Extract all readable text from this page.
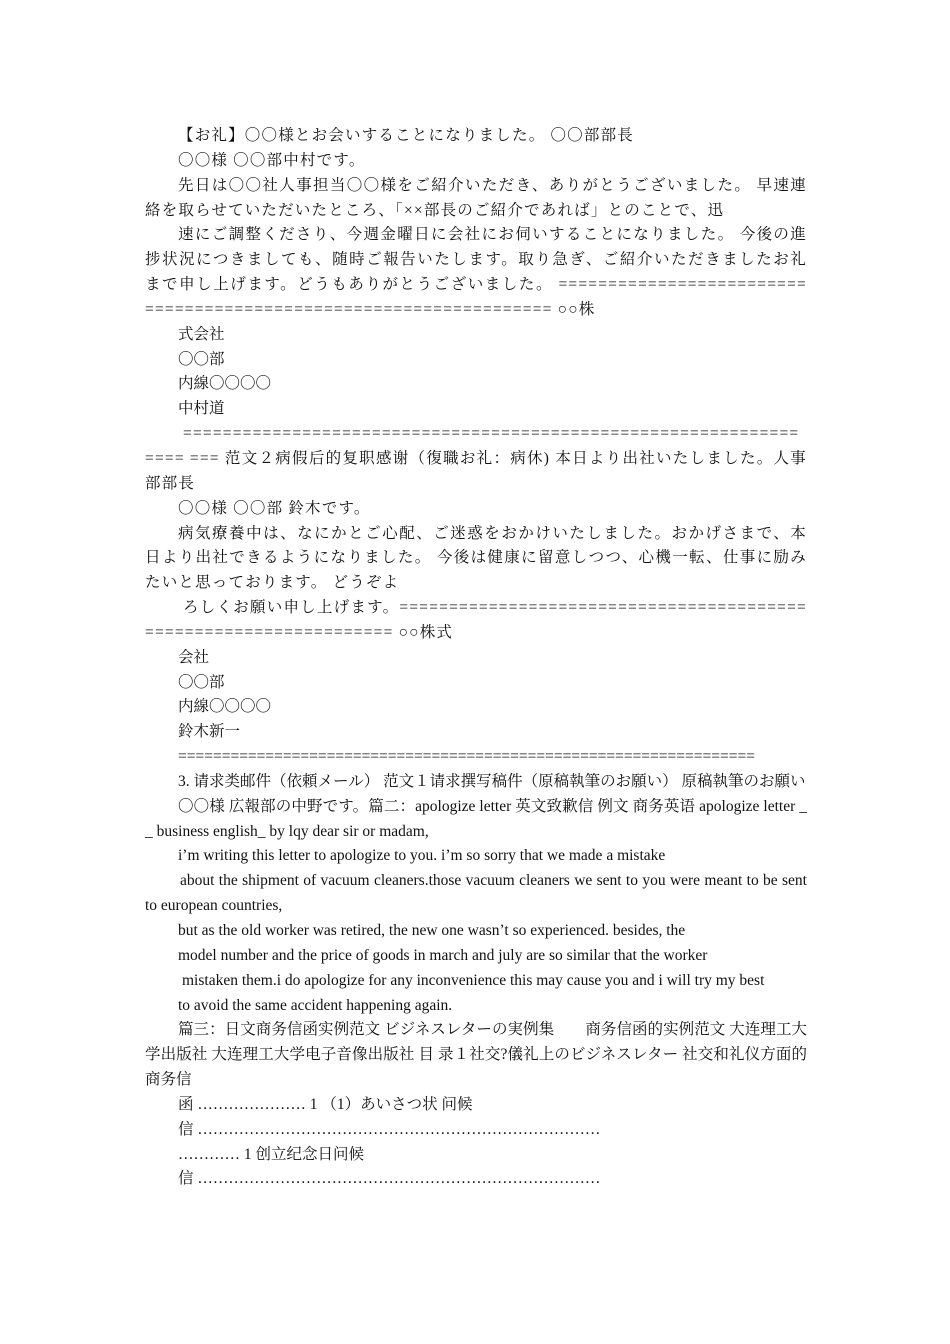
【お礼】〇〇様とお会いすることになりました。 〇〇部部長

〇〇様 〇〇部中村です。

先日は〇〇社人事担当〇〇様をご紹介いただき、ありがとうございました。 早速連絡を取らせていただいたところ、「××部長のご紹介であれば」とのことで、迅

速にご調整くださり、今週金曜日に会社にお伺いすることになりました。 今後の進捗状況につきましても、随時ご報告いたします。取り急ぎ、ご紹介いただきましたお礼まで申し上げます。どうもありがとうございました。 ================================================================== ○○株

式会社

〇〇部

内線〇〇〇〇

中村道

================================================================== === 范文２病假后的复职感谢（復職お礼：病休) 本日より出社いたしました。人事部部長

〇〇様 〇〇部 鈴木です。

病気療養中は、なにかとご心配、ご迷惑をおかけいたしました。おかげさまで、本日より出社できるようになりました。 今後は健康に留意しつつ、心機一転、仕事に励みたいと思っております。 どうぞよ

ろしくお願い申し上げます。================================================================== ○○株式

会社

〇〇部

内線〇〇〇〇

鈴木新一

==================================================================

3. 请求类邮件（依頼メール） 范文１请求撰写稿件（原稿執筆のお願い） 原稿執筆のお願い

〇〇様 広報部の中野です。篇二：apologize letter 英文致歉信 例文 商务英语 apologize letter __ business english_ by lqy dear sir or madam,

i’m writing this letter to apologize to you. i’m so sorry that we made a mistake

about the shipment of vacuum cleaners.those vacuum cleaners we sent to you were meant to be sent to european countries,

but as the old worker was retired, the new one wasn’t so experienced. besides, the

model number and the price of goods in march and july are so similar that the worker

mistaken them.i do apologize for any inconvenience this may cause you and i will try my best

to avoid the same accident happening again.

篇三：日文商务信函实例范文 ビジネスレターの実例集　　商务信函的实例范文 大连理工大学出版社 大连理工大学电子音像出版社 目 录１社交?儀礼上のビジネスレター 社交和礼仪方面的商务信

函 ………………… 1 （1）あいさつ状 问候

信 ……………………………………………………………………

………… 1 创立纪念日问候

信 ……………………………………………………………………
